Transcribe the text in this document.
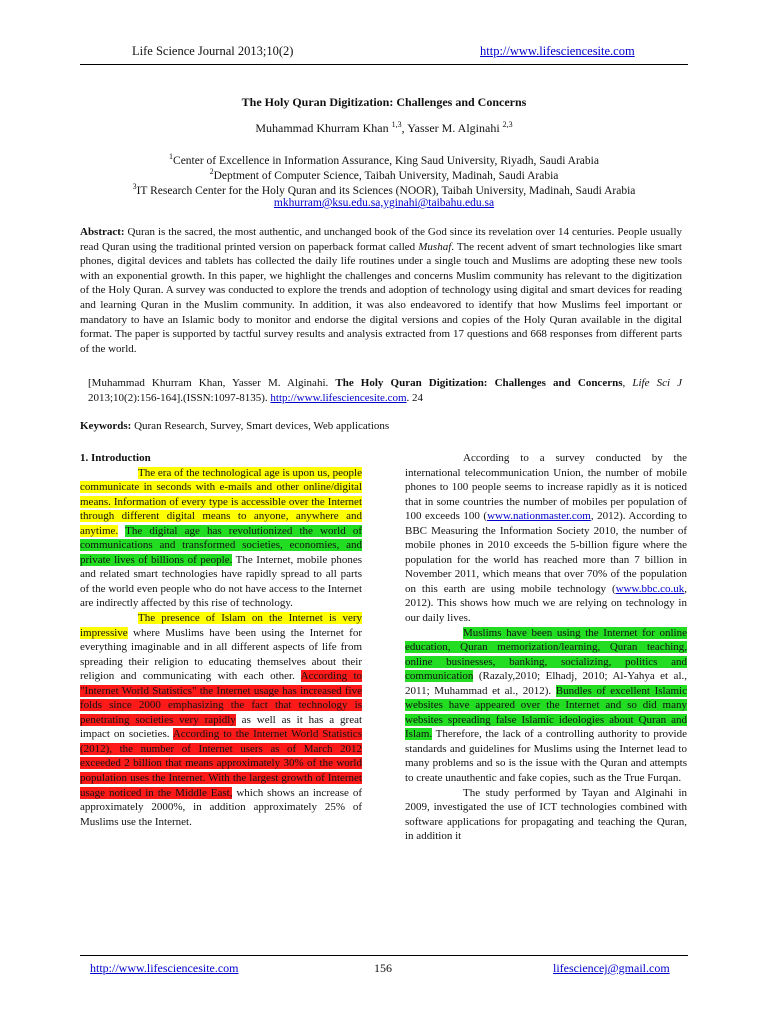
Life Science Journal 2013;10(2)	http://www.lifesciencesite.com
The Holy Quran Digitization: Challenges and Concerns
Muhammad Khurram Khan $^{1,3}$, Yasser M. Alginahi $^{2,3}$
$^1$Center of Excellence in Information Assurance, King Saud University, Riyadh, Saudi Arabia
$^2$Deptment of Computer Science, Taibah University, Madinah, Saudi Arabia
$^3$IT Research Center for the Holy Quran and its Sciences (NOOR), Taibah University, Madinah, Saudi Arabia
mkhurram@ksu.edu.sa,yginahi@taibahu.edu.sa
Abstract: Quran is the sacred, the most authentic, and unchanged book of the God since its revelation over 14 centuries. People usually read Quran using the traditional printed version on paperback format called Mushaf. The recent advent of smart technologies like smart phones, digital devices and tablets has collected the daily life routines under a single touch and Muslims are adopting these new tools with an exponential growth. In this paper, we highlight the challenges and concerns Muslim community has relevant to the digitization of the Holy Quran. A survey was conducted to explore the trends and adoption of technology using digital and smart devices for reading and learning Quran in the Muslim community. In addition, it was also endeavored to identify that how Muslims feel important or mandatory to have an Islamic body to monitor and endorse the digital versions and copies of the Holy Quran available in the digital format. The paper is supported by tactful survey results and analysis extracted from 17 questions and 668 responses from different parts of the world.
[Muhammad Khurram Khan, Yasser M. Alginahi. The Holy Quran Digitization: Challenges and Concerns, Life Sci J 2013;10(2):156-164].(ISSN:1097-8135). http://www.lifesciencesite.com. 24
Keywords: Quran Research, Survey, Smart devices, Web applications

1. Introduction

The era of the technological age is upon us, people communicate in seconds with e-mails and other online/digital means. Information of every type is accessible over the Internet through different digital means to anyone, anywhere and anytime. The digital age has revolutionized the world of communications and transformed societies, economies, and private lives of billions of people. The Internet, mobile phones and related smart technologies have rapidly spread to all parts of the world even people who do not have access to the Internet are indirectly affected by this rise of technology.

The presence of Islam on the Internet is very impressive where Muslims have been using the Internet for everything imaginable and in all different aspects of life from spreading their religion to educating themselves about their religion and communicating with each other. According to "Internet World Statistics" the Internet usage has increased five folds since 2000 emphasizing the fact that technology is penetrating societies very rapidly as well as it has a great impact on societies. According to the Internet World Statistics (2012), the number of Internet users as of March 2012 exceeded 2 billion that means approximately 30% of the world population uses the Internet. With the largest growth of Internet usage noticed in the Middle East, which shows an increase of approximately 2000%, in addition approximately 25% of Muslims use the Internet.

According to a survey conducted by the international telecommunication Union, the number of mobile phones to 100 people seems to increase rapidly as it is noticed that in some countries the number of mobiles per population of 100 exceeds 100 (www.nationmaster.com, 2012). According to BBC Measuring the Information Society 2010, the number of mobile phones in 2010 exceeds the 5-billion figure where the population for the world has reached more than 7 billion in November 2011, which means that over 70% of the population on this earth are using mobile technology (www.bbc.co.uk, 2012). This shows how much we are relying on technology in our daily lives.

Muslims have been using the Internet for online education, Quran memorization/learning, Quran teaching, online businesses, banking, socializing, politics and communication (Razaly,2010; Elhadj, 2010; Al-Yahya et al., 2011; Muhammad et al., 2012). Bundles of excellent Islamic websites have appeared over the Internet and so did many websites spreading false Islamic ideologies about Quran and Islam. Therefore, the lack of a controlling authority to provide standards and guidelines for Muslims using the Internet lead to many problems and so is the issue with the Quran and attempts to create unauthentic and fake copies, such as the True Furqan.

The study performed by Tayan and Alginahi in 2009, investigated the use of ICT technologies combined with software applications for propagating and teaching the Quran, in addition it

http://www.lifesciencesite.com	156	lifesciencej@gmail.com
